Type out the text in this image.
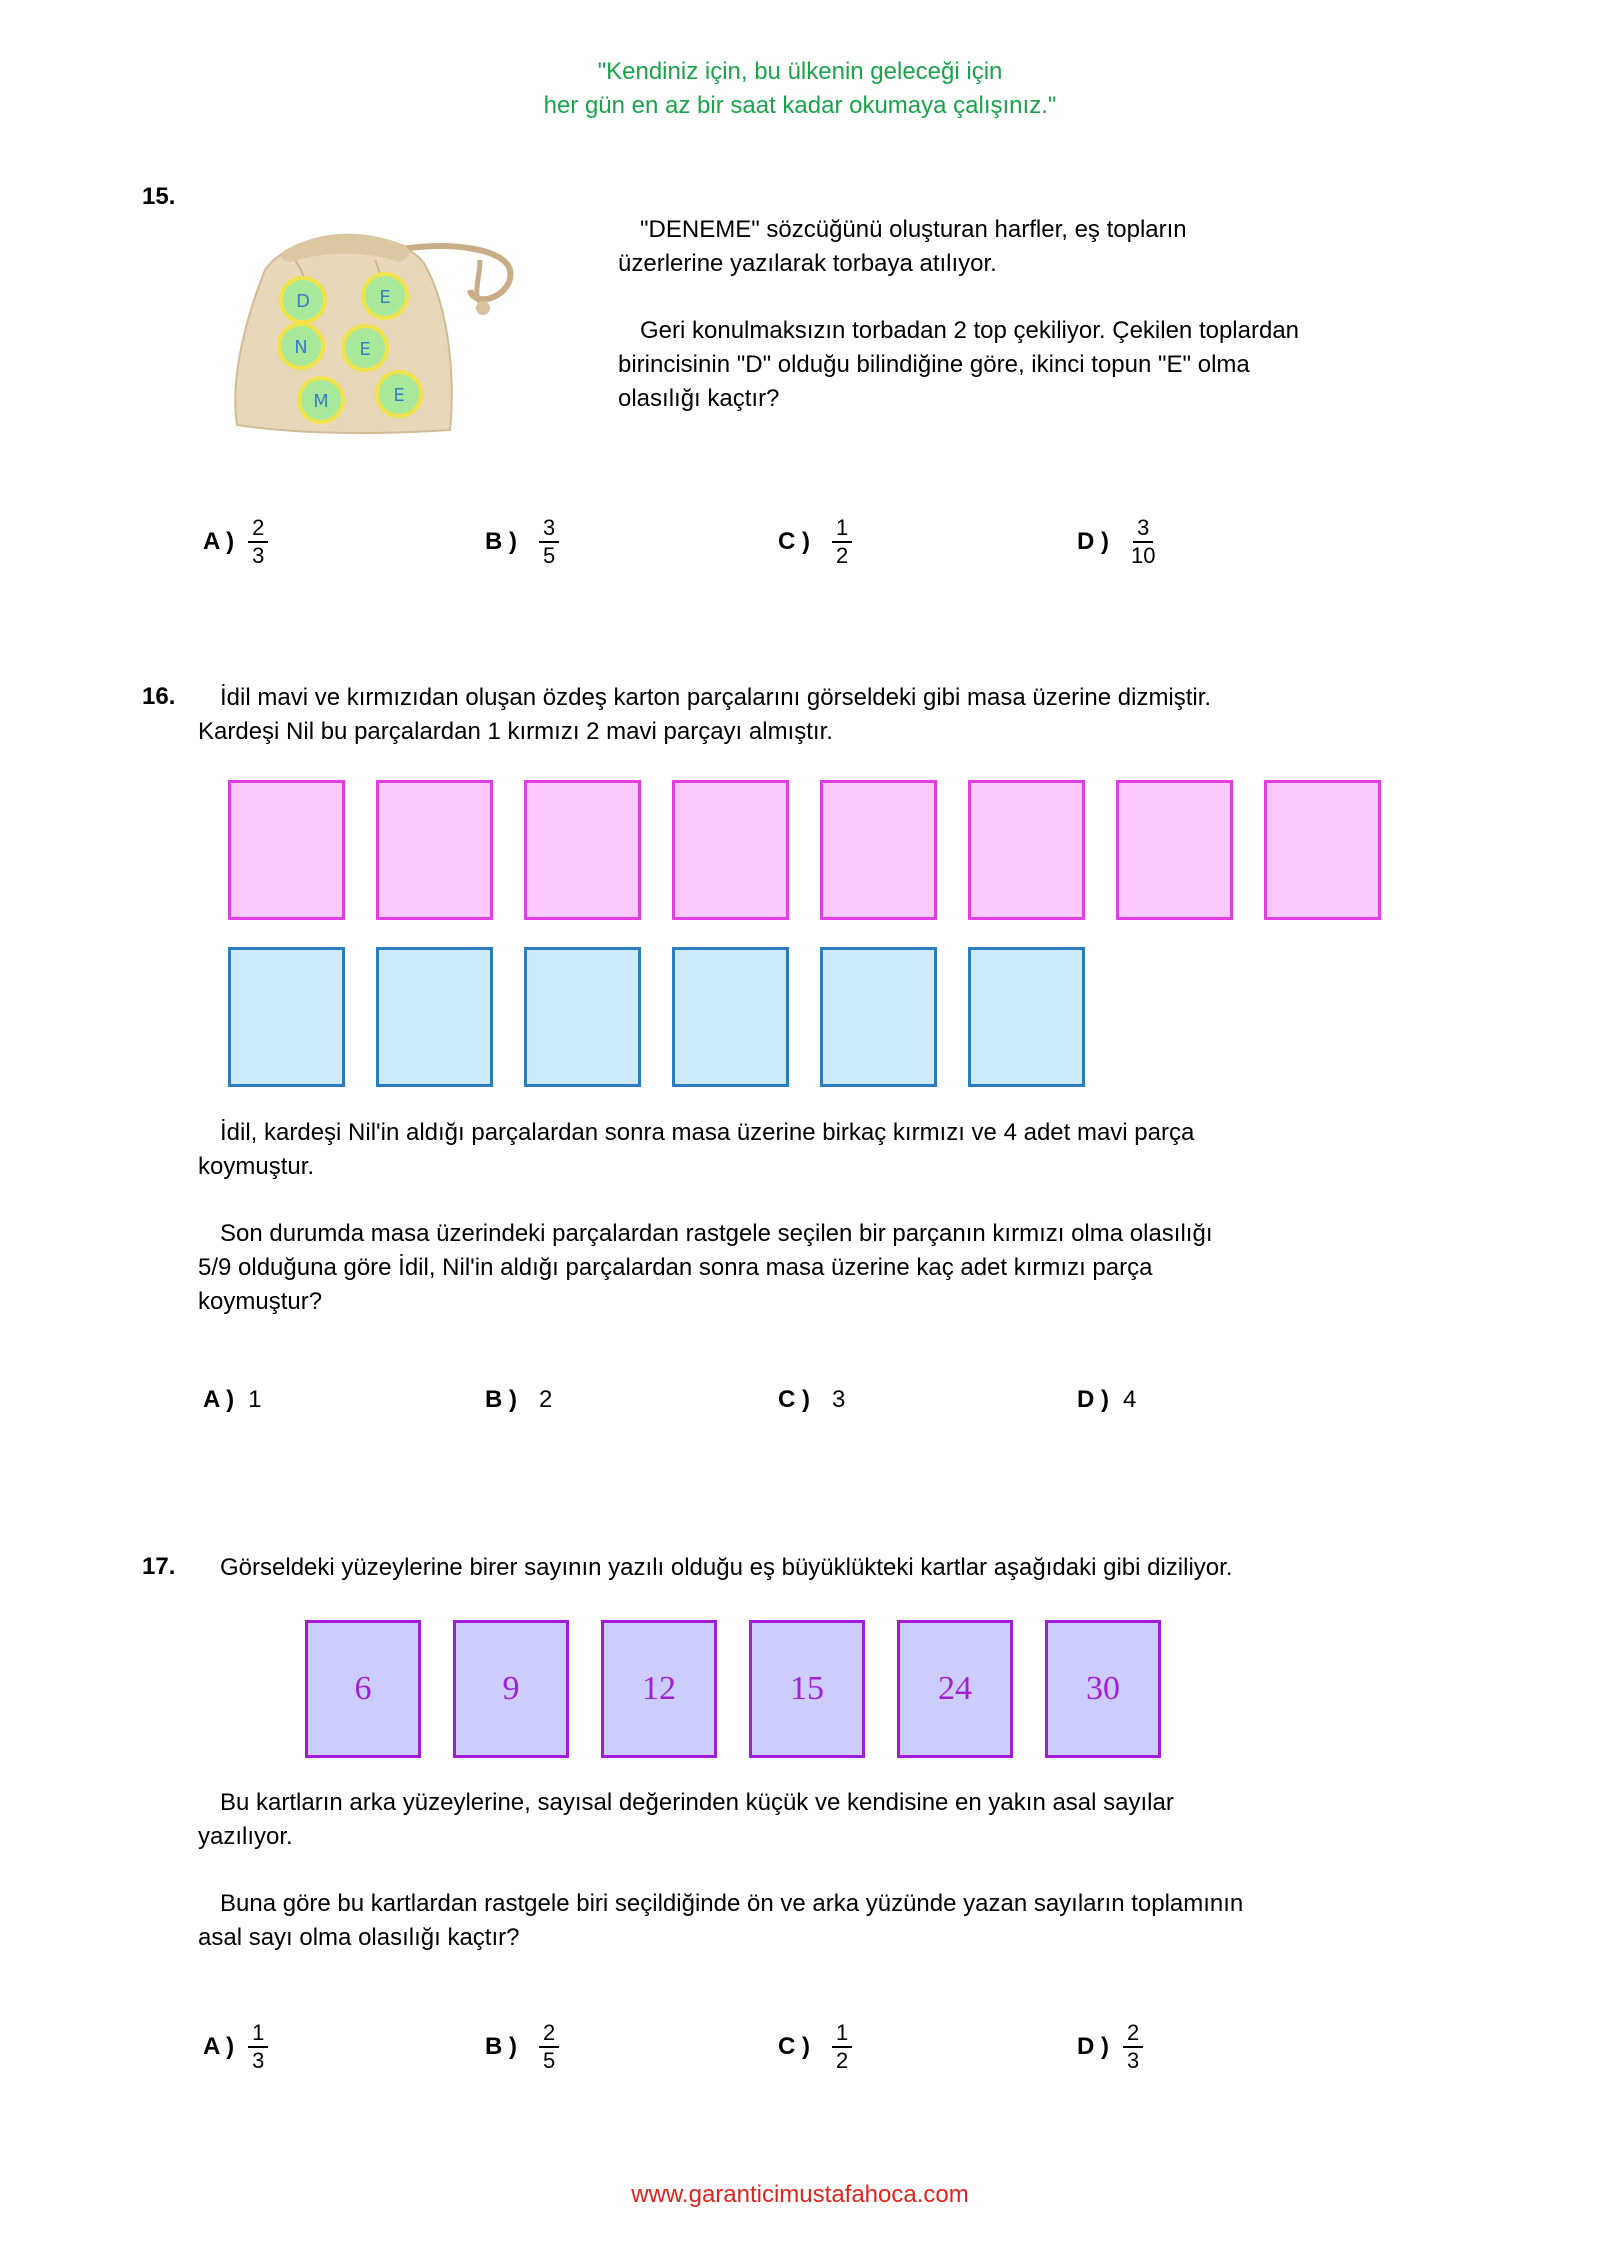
"Kendiniz için, bu ülkenin geleceği için
her gün en az bir saat kadar okumaya çalışınız."
15.
D	E
N	E
M	E
"DENEME" sözcüğünü oluşturan harfler, eş topların
üzerlerine yazılarak torbaya atılıyor.
Geri konulmaksızın torbadan 2 top çekiliyor. Çekilen toplardan
birincisinin "D" olduğu bilindiğine göre, ikinci topun "E" olma
olasılığı kaçtır?
A ) $\frac{2}{3}$	B ) $\frac{3}{5}$	C ) $\frac{1}{2}$	D ) $\frac{3}{10}$
16. İdil mavi ve kırmızıdan oluşan özdeş karton parçalarını görseldeki gibi masa üzerine dizmiştir.
Kardeşi Nil bu parçalardan 1 kırmızı 2 mavi parçayı almıştır.
İdil, kardeşi Nil'in aldığı parçalardan sonra masa üzerine birkaç kırmızı ve 4 adet mavi parça
koymuştur.
Son durumda masa üzerindeki parçalardan rastgele seçilen bir parçanın kırmızı olma olasılığı
5/9 olduğuna göre İdil, Nil'in aldığı parçalardan sonra masa üzerine kaç adet kırmızı parça
koymuştur?
A ) 1	B ) 2	C ) 3	D ) 4
17. Görseldeki yüzeylerine birer sayının yazılı olduğu eş büyüklükteki kartlar aşağıdaki gibi diziliyor.
6	9	12	15	24	30
Bu kartların arka yüzeylerine, sayısal değerinden küçük ve kendisine en yakın asal sayılar
yazılıyor.
Buna göre bu kartlardan rastgele biri seçildiğinde ön ve arka yüzünde yazan sayıların toplamının
asal sayı olma olasılığı kaçtır?
A ) $\frac{1}{3}$	B ) $\frac{2}{5}$	C ) $\frac{1}{2}$	D ) $\frac{2}{3}$
www.garanticimustafahoca.com
